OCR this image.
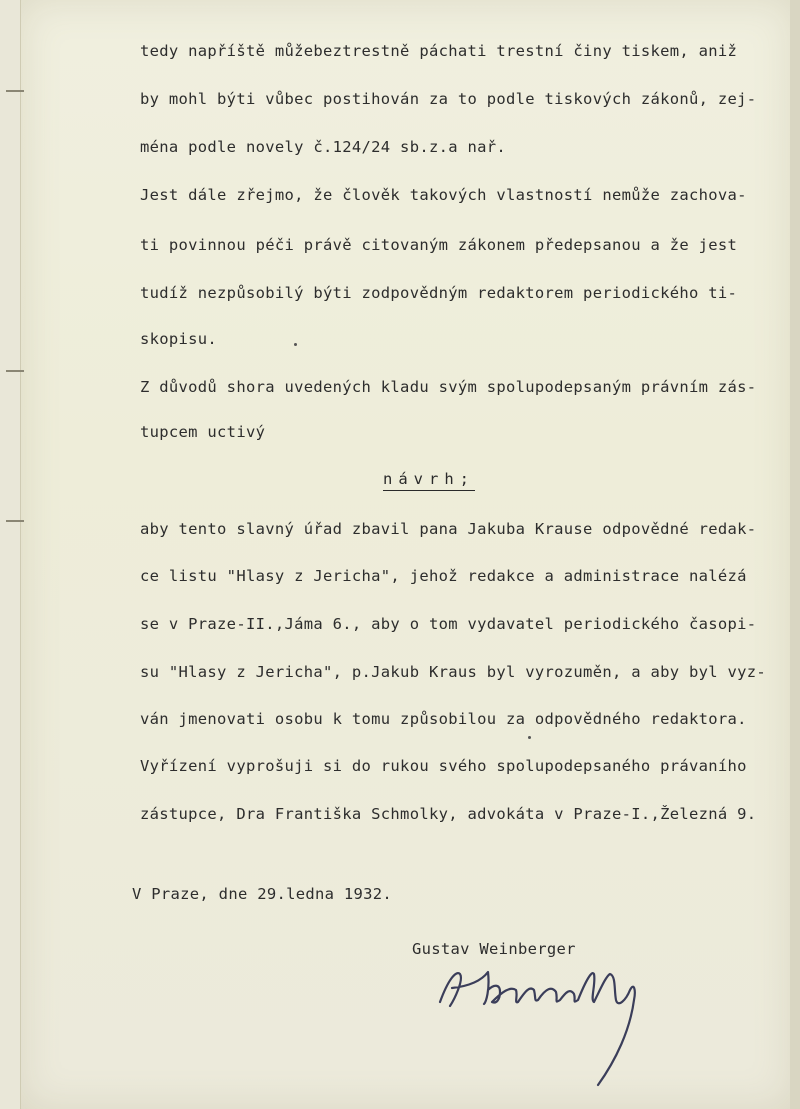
tedy napříště můžebeztrestně páchati trestní činy tiskem, aniž
by mohl býti vůbec postihován za to podle tiskových zákonů, zej-
ména podle novely č.124/24 sb.z.a nař.
Jest dále zřejmo, že člověk takových vlastností nemůže zachova-
ti povinnou péči právě citovaným zákonem předepsanou a že jest
tudíž nezpůsobilý býti zodpovědným redaktorem periodického ti-
skopisu.
Z důvodů shora uvedených kladu svým spolupodepsaným právním zás-
tupcem uctivý
návrh;
aby tento slavný úřad zbavil pana Jakuba Krause odpovědné redak-
ce listu "Hlasy z Jericha", jehož redakce a administrace nalézá
se v Praze-II.,Jáma 6., aby o tom vydavatel periodického časopi-
su "Hlasy z Jericha", p.Jakub Kraus byl vyrozuměn, a aby byl vyz-
ván jmenovati osobu k tomu způsobilou za odpovědného redaktora.
Vyřízení vyprošuji si do rukou svého spolupodepsaného právaního
zástupce, Dra Františka Schmolky, advokáta v Praze-I.,Železná 9.
V Praze, dne 29.ledna 1932.
Gustav Weinberger
